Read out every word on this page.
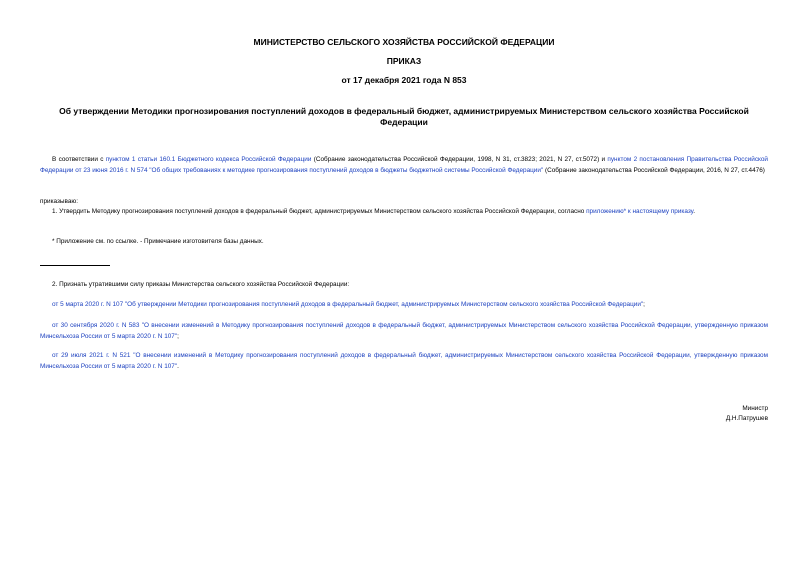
МИНИСТЕРСТВО СЕЛЬСКОГО ХОЗЯЙСТВА РОССИЙСКОЙ ФЕДЕРАЦИИ
ПРИКАЗ
от 17 декабря 2021 года N 853
Об утверждении Методики прогнозирования поступлений доходов в федеральный бюджет, администрируемых Министерством сельского хозяйства Российской Федерации
В соответствии с пунктом 1 статьи 160.1 Бюджетного кодекса Российской Федерации (Собрание законодательства Российской Федерации, 1998, N 31, ст.3823; 2021, N 27, ст.5072) и пунктом 2 постановления Правительства Российской Федерации от 23 июня 2016 г. N 574 "Об общих требованиях к методике прогнозирования поступлений доходов в бюджеты бюджетной системы Российской Федерации" (Собрание законодательства Российской Федерации, 2016, N 27, ст.4476)
приказываю:
1. Утвердить Методику прогнозирования поступлений доходов в федеральный бюджет, администрируемых Министерством сельского хозяйства Российской Федерации, согласно приложению* к настоящему приказу.
* Приложение см. по ссылке. - Примечание изготовителя базы данных.
2. Признать утратившими силу приказы Министерства сельского хозяйства Российской Федерации:
от 5 марта 2020 г. N 107 "Об утверждении Методики прогнозирования поступлений доходов в федеральный бюджет, администрируемых Министерством сельского хозяйства Российской Федерации";
от 30 сентября 2020 г. N 583 "О внесении изменений в Методику прогнозирования поступлений доходов в федеральный бюджет, администрируемых Министерством сельского хозяйства Российской Федерации, утвержденную приказом Минсельхоза России от 5 марта 2020 г. N 107";
от 29 июля 2021 г. N 521 "О внесении изменений в Методику прогнозирования поступлений доходов в федеральный бюджет, администрируемых Министерством сельского хозяйства Российской Федерации, утвержденную приказом Минсельхоза России от 5 марта 2020 г. N 107".
Министр
Д.Н.Патрушев
